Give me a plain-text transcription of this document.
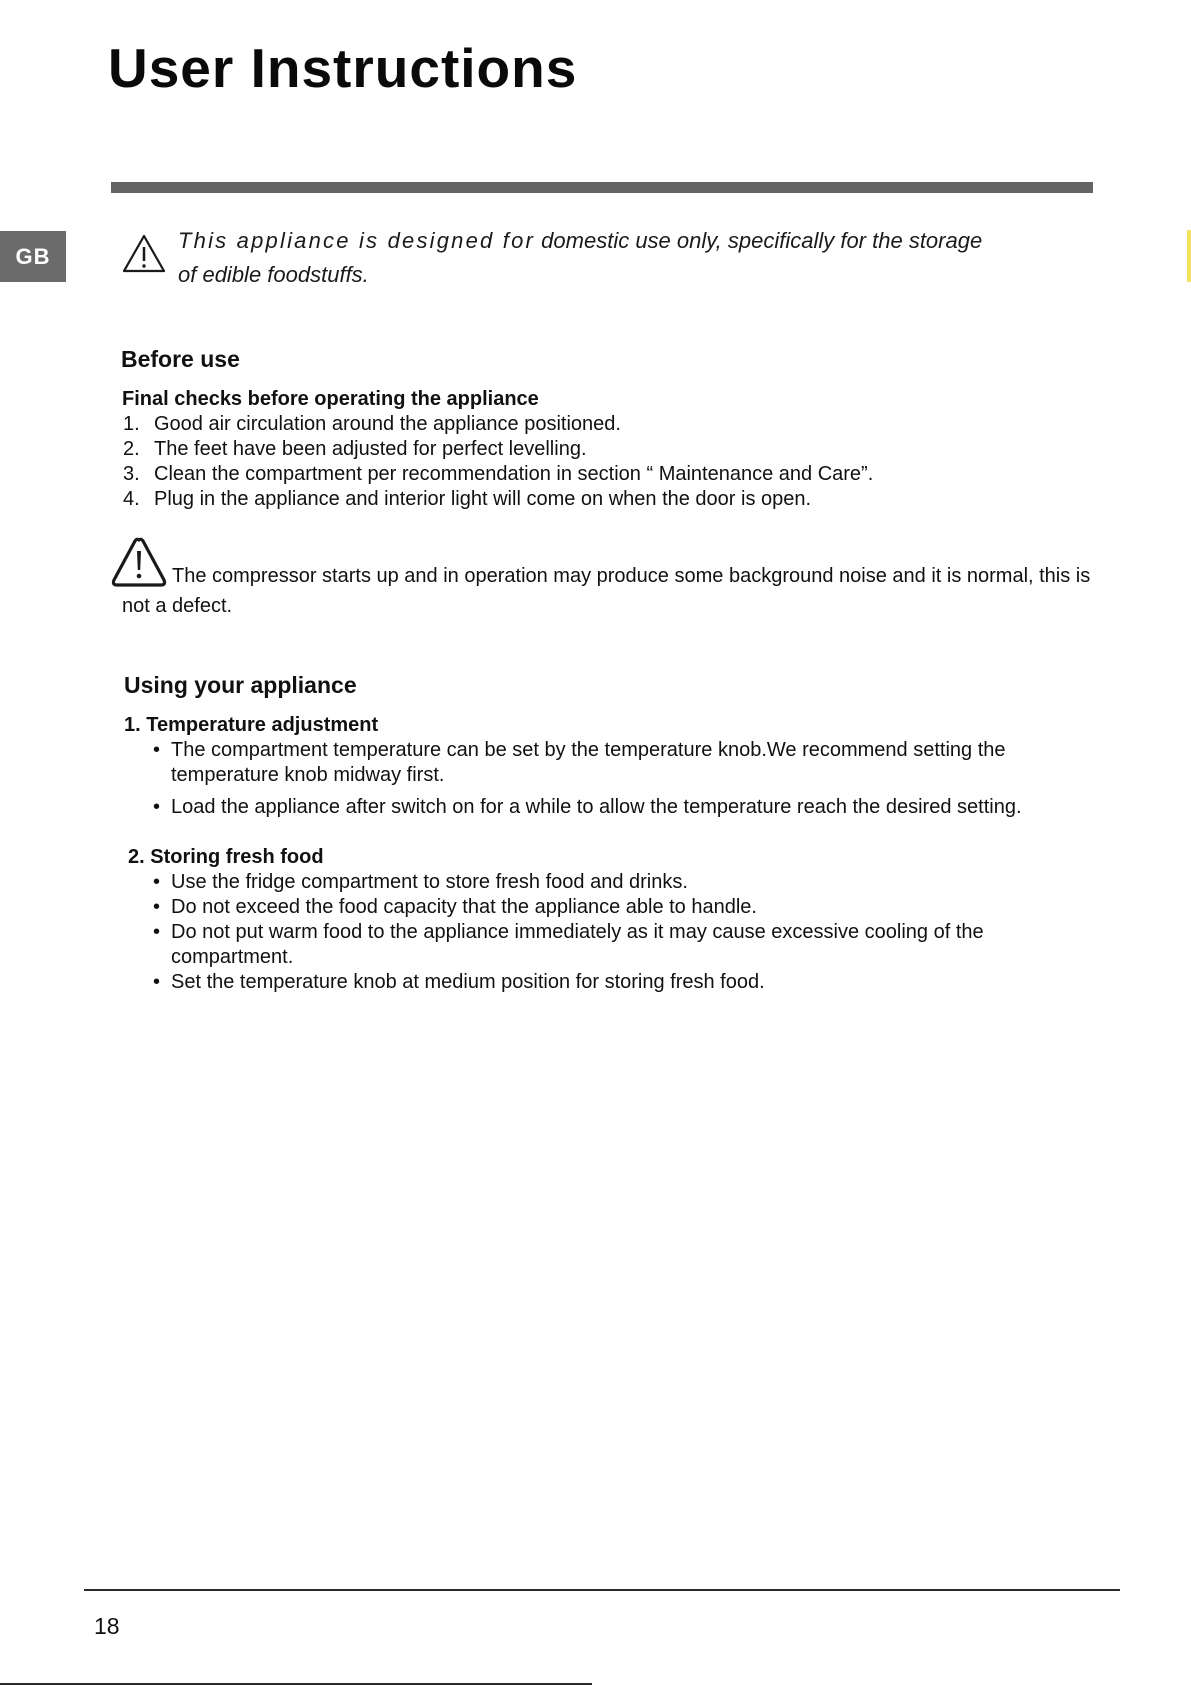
User Instructions
GB
This appliance is designed for domestic use only, specifically for the storage of edible foodstuffs.
Before use
Final checks before operating the appliance
1. Good air circulation around the appliance positioned.
2. The feet have been adjusted for perfect levelling.
3. Clean the compartment per recommendation in section “ Maintenance and Care”.
4. Plug in the appliance and interior light will come on when the door is open.
The compressor starts up and in operation may produce some background noise and it is normal, this is not a defect.
Using your appliance
1. Temperature adjustment
• The compartment temperature can be set by the temperature knob.We recommend setting the temperature knob midway first.
• Load the appliance after switch on for a while to allow the temperature reach the desired setting.
2. Storing fresh food
• Use the fridge compartment to store fresh food and drinks.
• Do not exceed the food capacity that the appliance able to handle.
• Do not put warm food to the appliance immediately as it may cause excessive cooling of the compartment.
• Set the temperature knob at medium position for storing fresh food.
18
